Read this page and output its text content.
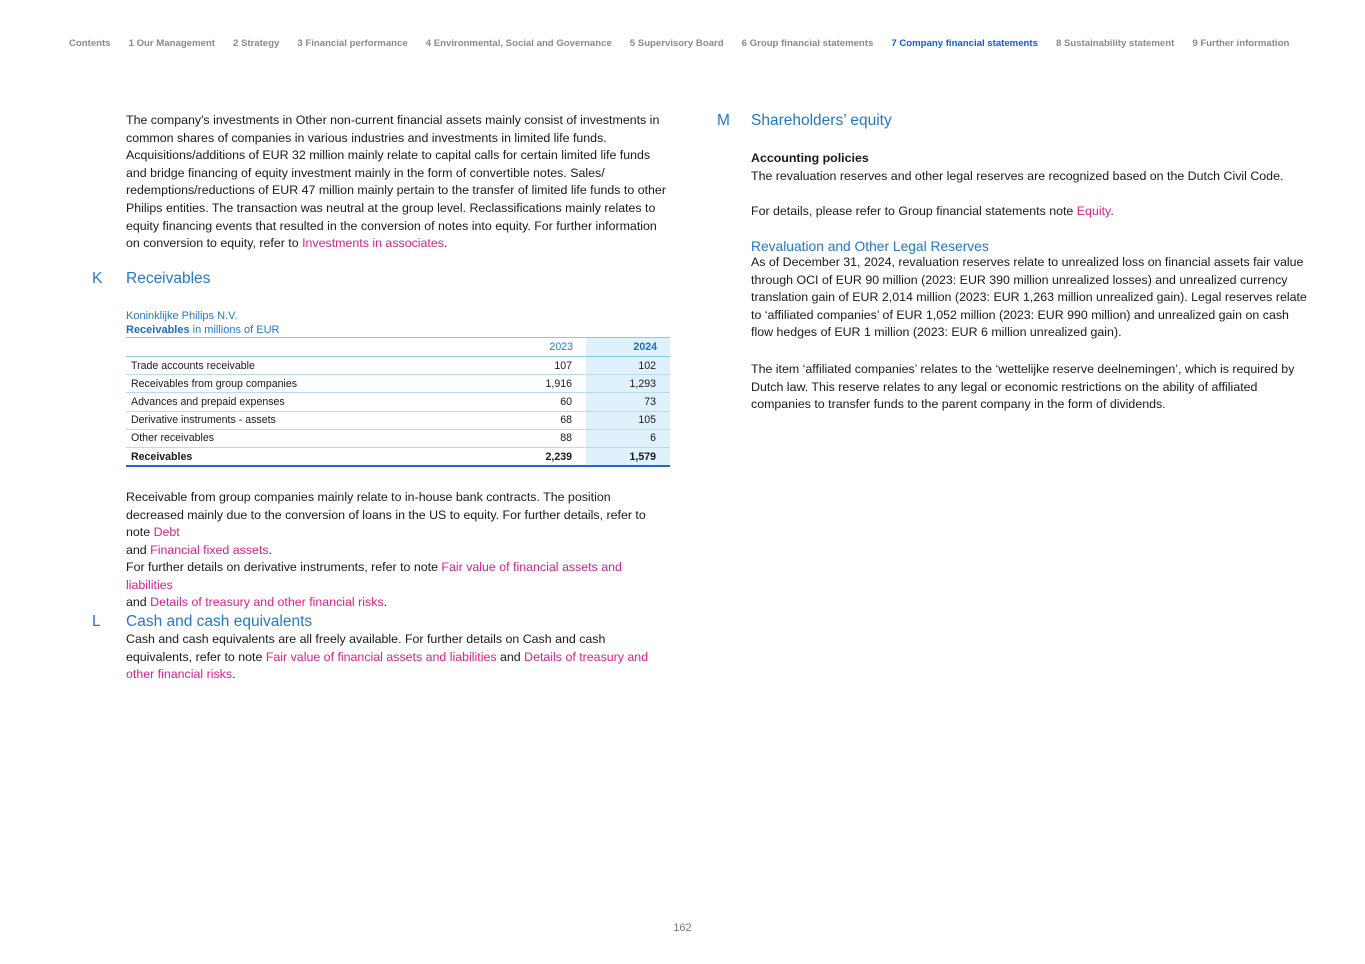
Contents 1 Our Management 2 Strategy 3 Financial performance 4 Environmental, Social and Governance 5 Supervisory Board 6 Group financial statements 7 Company financial statements 8 Sustainability statement 9 Further information

The company's investments in Other non-current financial assets mainly consist of investments in common shares of companies in various industries and investments in limited life funds. Acquisitions/additions of EUR 32 million mainly relate to capital calls for certain limited life funds and bridge financing of equity investment mainly in the form of convertible notes. Sales/ redemptions/reductions of EUR 47 million mainly pertain to the transfer of limited life funds to other Philips entities. The transaction was neutral at the group level. Reclassifications mainly relates to equity financing events that resulted in the conversion of notes into equity. For further information on conversion to equity, refer to Investments in associates.

K Receivables
Koninklijke Philips N.V.
Receivables in millions of EUR
	2023	2024
Trade accounts receivable	107	102
Receivables from group companies	1,916	1,293
Advances and prepaid expenses	60	73
Derivative instruments - assets	68	105
Other receivables	88	6
Receivables	2,239	1,579

Receivable from group companies mainly relate to in-house bank contracts. The position decreased mainly due to the conversion of loans in the US to equity. For further details, refer to note Debt
and Financial fixed assets.

For further details on derivative instruments, refer to note Fair value of financial assets and liabilities
and Details of treasury and other financial risks.

L Cash and cash equivalents

Cash and cash equivalents are all freely available. For further details on Cash and cash equivalents, refer to note Fair value of financial assets and liabilities and Details of treasury and other financial risks.

M Shareholders’ equity

Accounting policies

The revaluation reserves and other legal reserves are recognized based on the Dutch Civil Code.

For details, please refer to Group financial statements note Equity.

Revaluation and Other Legal Reserves

As of December 31, 2024, revaluation reserves relate to unrealized loss on financial assets fair value through OCI of EUR 90 million (2023: EUR 390 million unrealized losses) and unrealized currency translation gain of EUR 2,014 million (2023: EUR 1,263 million unrealized gain). Legal reserves relate to ‘affiliated companies’ of EUR 1,052 million (2023: EUR 990 million) and unrealized gain on cash flow hedges of EUR 1 million (2023: EUR 6 million unrealized gain).

The item ‘affiliated companies’ relates to the ‘wettelijke reserve deelnemingen’, which is required by Dutch law. This reserve relates to any legal or economic restrictions on the ability of affiliated companies to transfer funds to the parent company in the form of dividends.

162
